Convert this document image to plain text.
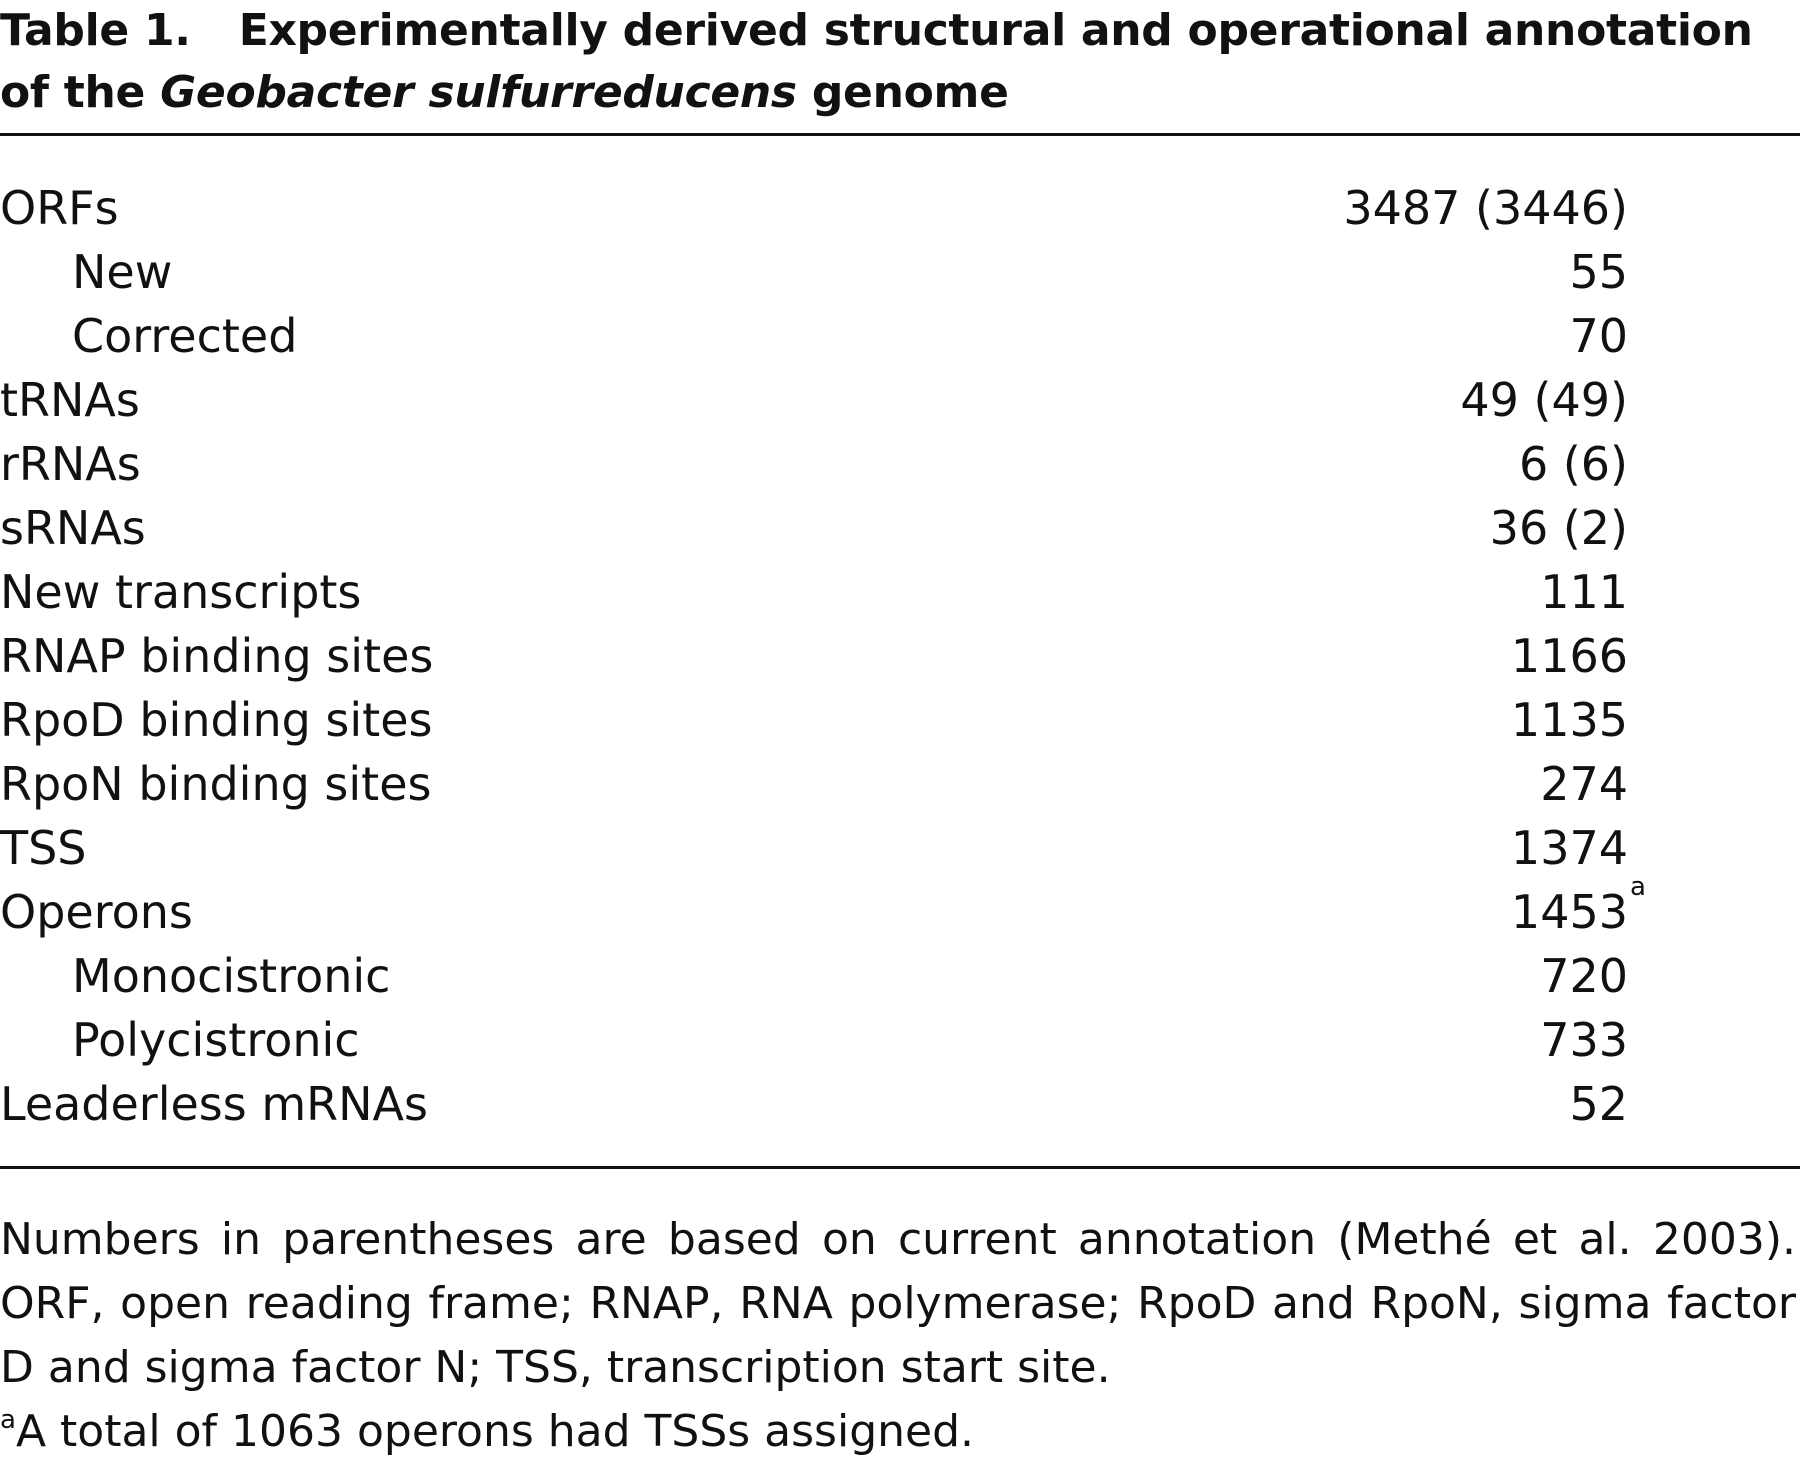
Table 1. Experimentally derived structural and operational annotation of the Geobacter sulfurreducens genome
ORFs	3487 (3446)
New	55
Corrected	70
tRNAs	49 (49)
rRNAs	6 (6)
sRNAs	36 (2)
New transcripts	111
RNAP binding sites	1166
RpoD binding sites	1135
RpoN binding sites	274
TSS	1374
Operons	1453 a
Monocistronic	720
Polycistronic	733
Leaderless mRNAs	52

Numbers in parentheses are based on current annotation (Methé et al. 2003). ORF, open reading frame; RNAP, RNA polymerase; RpoD and RpoN, sigma factor D and sigma factor N; TSS, transcription start site.

$^a$A total of 1063 operons had TSSs assigned.
